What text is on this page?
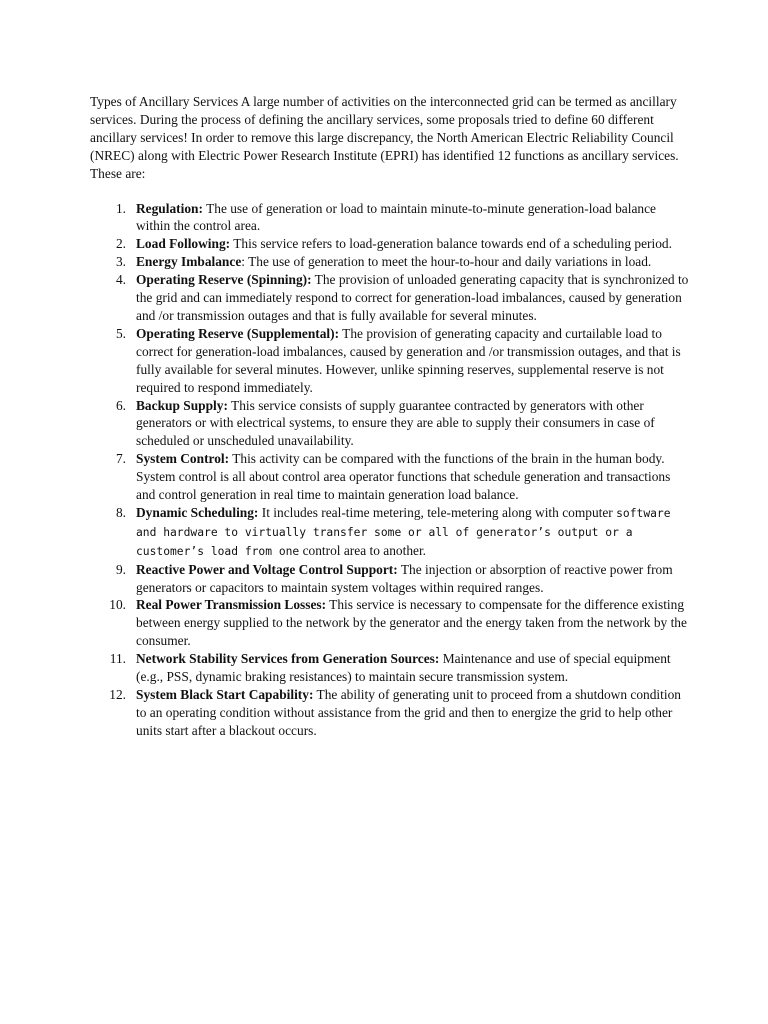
Types of Ancillary Services A large number of activities on the interconnected grid can be termed as ancillary services. During the process of defining the ancillary services, some proposals tried to define 60 different ancillary services! In order to remove this large discrepancy, the North American Electric Reliability Council (NREC) along with Electric Power Research Institute (EPRI) has identified 12 functions as ancillary services. These are:

1. Regulation: The use of generation or load to maintain minute-to-minute generation-load balance within the control area.
2. Load Following: This service refers to load-generation balance towards end of a scheduling period.
3. Energy Imbalance: The use of generation to meet the hour-to-hour and daily variations in load.
4. Operating Reserve (Spinning): The provision of unloaded generating capacity that is synchronized to the grid and can immediately respond to correct for generation-load imbalances, caused by generation and /or transmission outages and that is fully available for several minutes.
5. Operating Reserve (Supplemental): The provision of generating capacity and curtailable load to correct for generation-load imbalances, caused by generation and /or transmission outages, and that is fully available for several minutes. However, unlike spinning reserves, supplemental reserve is not required to respond immediately.
6. Backup Supply: This service consists of supply guarantee contracted by generators with other generators or with electrical systems, to ensure they are able to supply their consumers in case of scheduled or unscheduled unavailability.
7. System Control: This activity can be compared with the functions of the brain in the human body. System control is all about control area operator functions that schedule generation and transactions and control generation in real time to maintain generation load balance.
8. Dynamic Scheduling: It includes real-time metering, tele-metering along with computer software and hardware to virtually transfer some or all of generator’s output or a customer’s load from one control area to another.
9. Reactive Power and Voltage Control Support: The injection or absorption of reactive power from generators or capacitors to maintain system voltages within required ranges.
10. Real Power Transmission Losses: This service is necessary to compensate for the difference existing between energy supplied to the network by the generator and the energy taken from the network by the consumer.
11. Network Stability Services from Generation Sources: Maintenance and use of special equipment (e.g., PSS, dynamic braking resistances) to maintain secure transmission system.
12. System Black Start Capability: The ability of generating unit to proceed from a shutdown condition to an operating condition without assistance from the grid and then to energize the grid to help other units start after a blackout occurs.
